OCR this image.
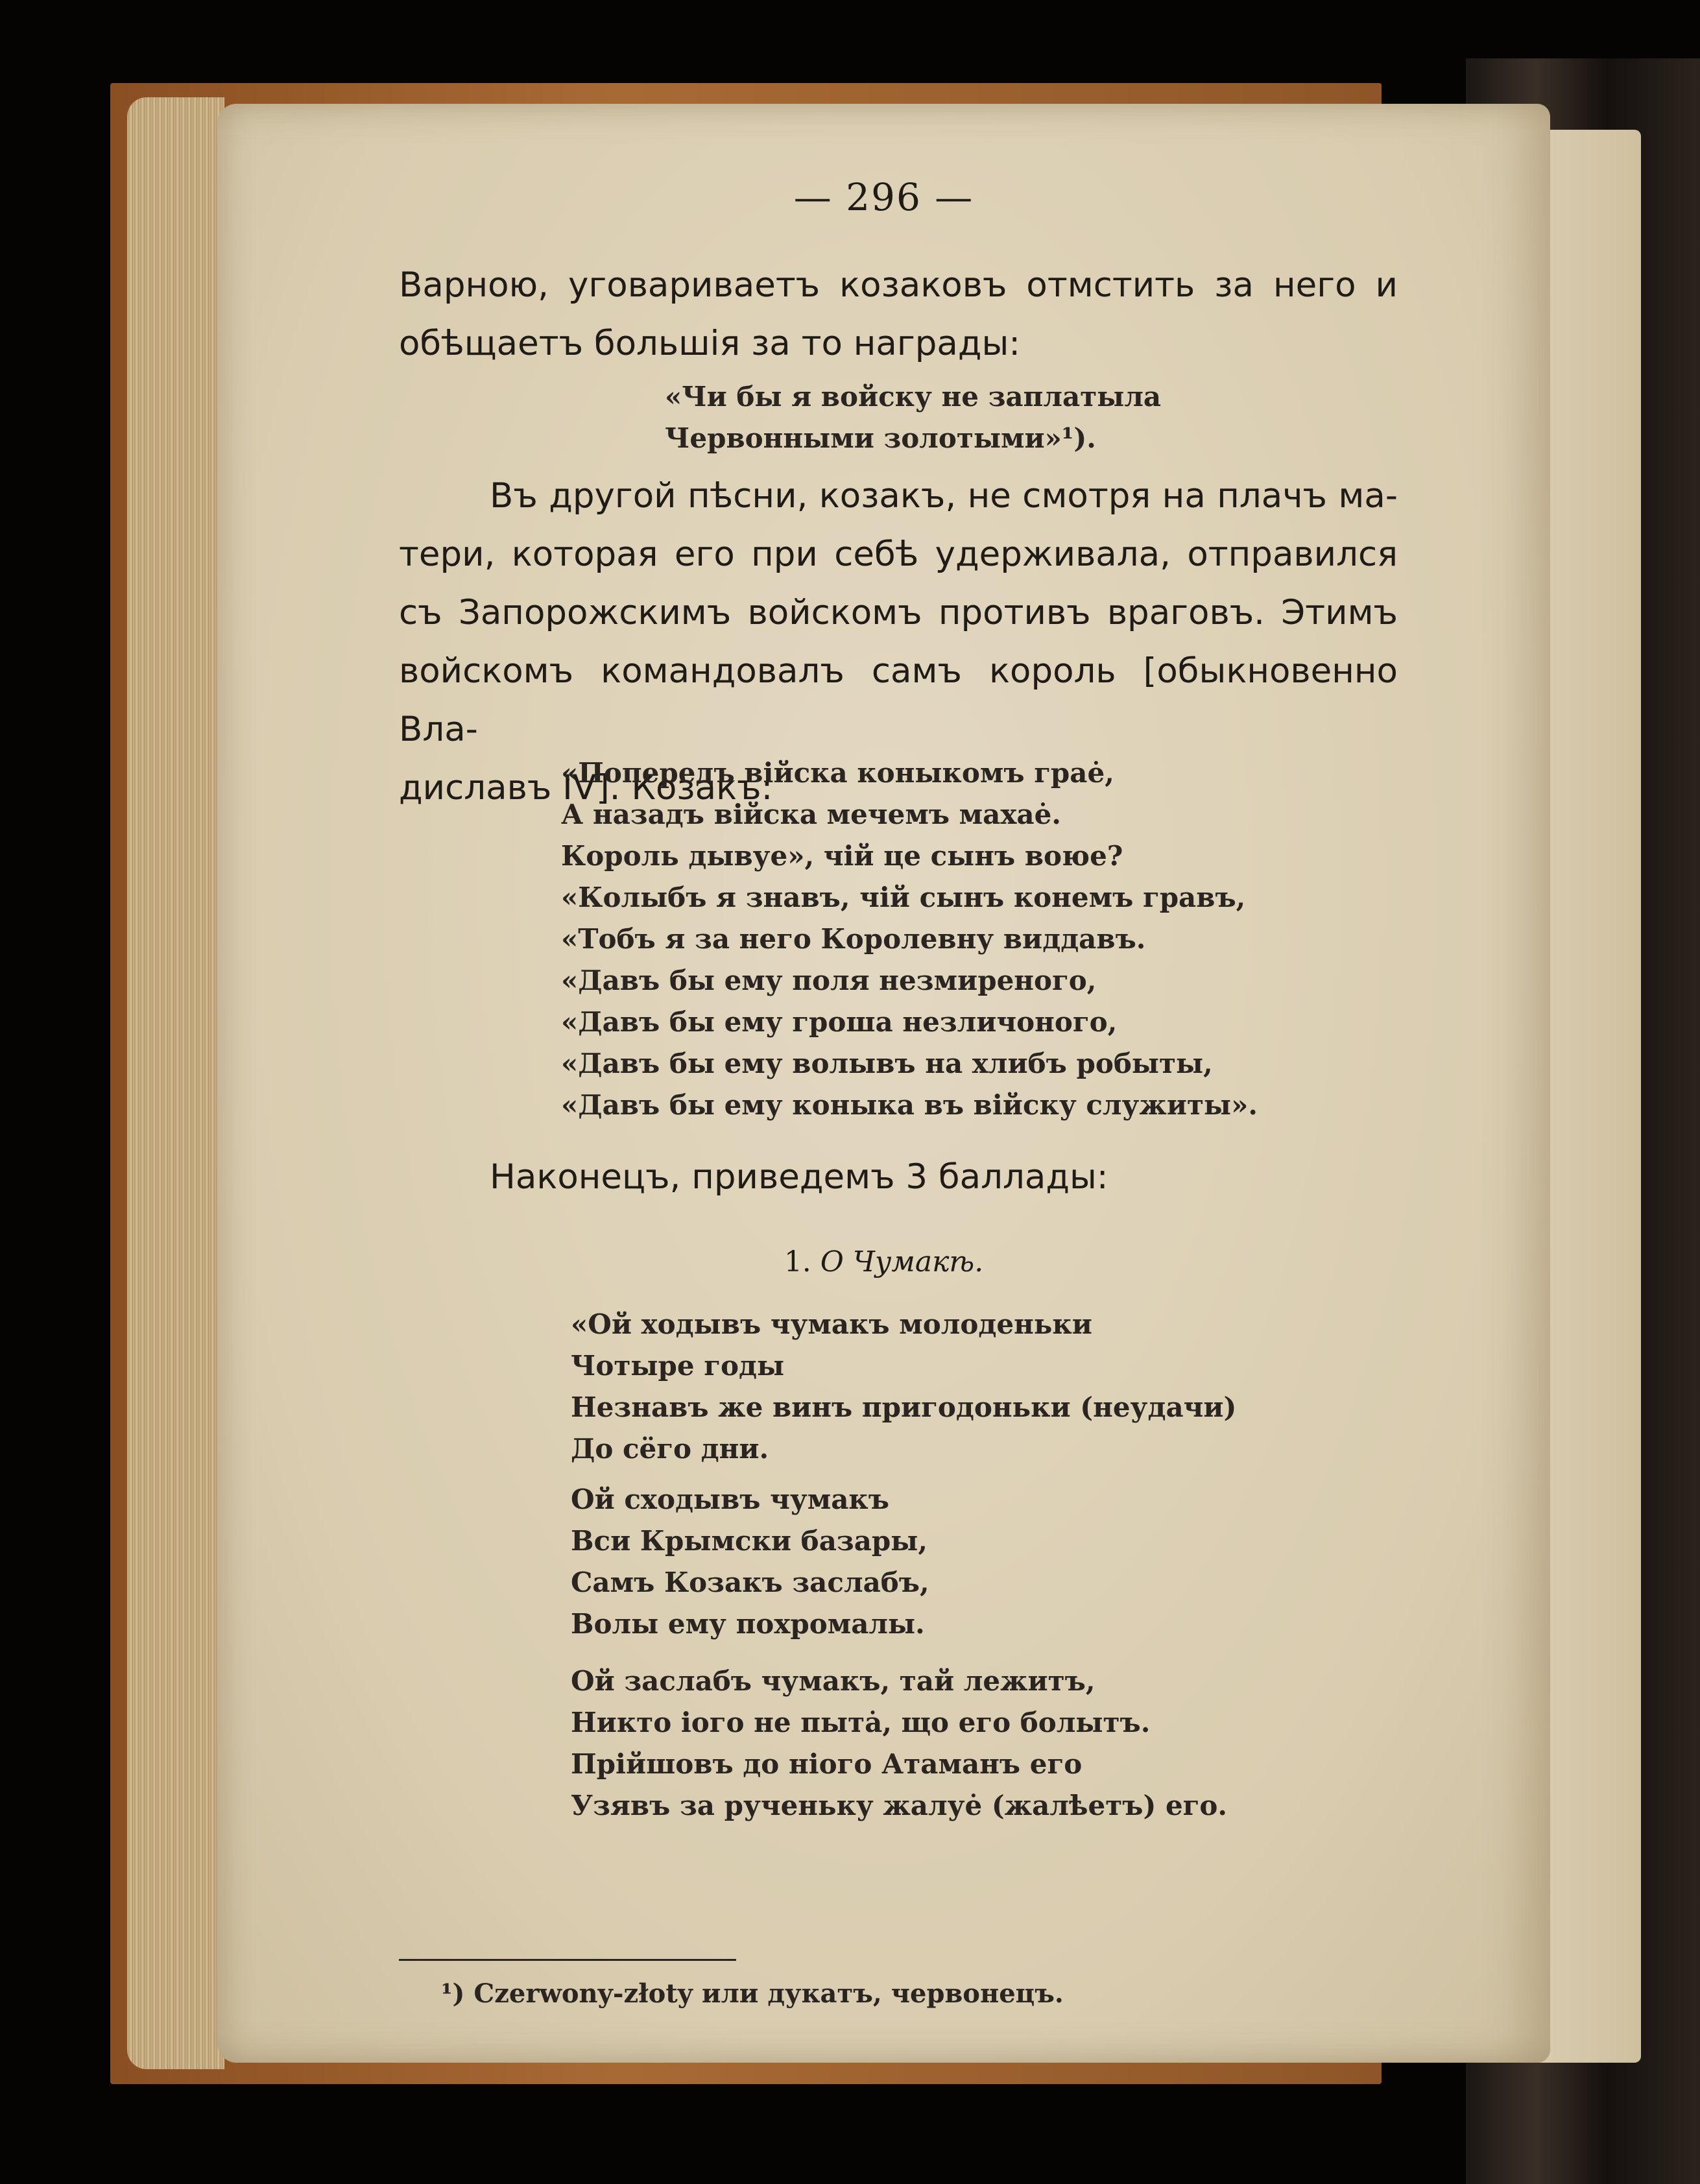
— 296 —
Варною, уговариваетъ козаковъ отмстить за него и
обѣщаетъ большія за то награды:
«Чи бы я войску не заплатыла
Червонными золотыми»¹).
Въ другой пѣсни, козакъ, не смотря на плачъ ма-
тери, которая его при себѣ удерживала, отправился
съ Запорожскимъ войскомъ противъ враговъ. Этимъ
войскомъ командовалъ самъ король [обыкновенно Вла-
диславъ IV]. Козакъ:
«Попередъ війска коныкомъ грае̇,
А назадъ війска мечемъ махае̇.
Король дывуе», чій це сынъ воюе?
«Колыбъ я знавъ, чій сынъ конемъ гравъ,
«Тобъ я за него Королевну виддавъ.
«Давъ бы ему поля незмиреного,
«Давъ бы ему гроша незличоного,
«Давъ бы ему волывъ на хлибъ робыты,
«Давъ бы ему коныка въ війску служиты».
Наконецъ, приведемъ 3 баллады:
1. О Чумакѣ.
«Ой ходывъ чумакъ молоденьки
Чотыре годы
Незнавъ же винъ пригодоньки (неудачи)
До сёго дни.
Ой сходывъ чумакъ
Вси Крымски базары,
Самъ Козакъ заслабъ,
Волы ему похромалы.
Ой заслабъ чумакъ, тай лежитъ,
Никто іого не пыта̇, що его болытъ.
Прійшовъ до ніого Атаманъ его
Узявъ за рученьку жалуе̇ (жалѣетъ) его.
¹) Czerwony-złoty или дукатъ, червонецъ.
